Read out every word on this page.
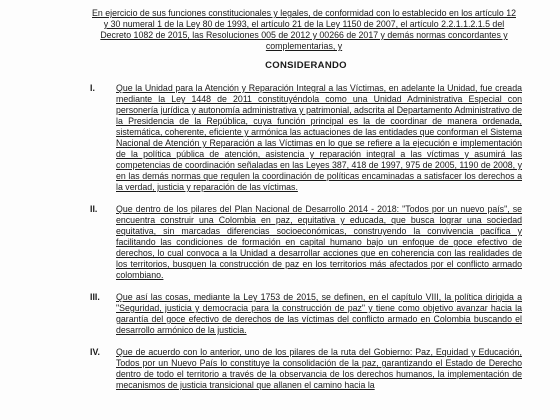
En ejercicio de sus funciones constitucionales y legales, de conformidad con lo establecido en los artículo 12 y 30 numeral 1 de la Ley 80 de 1993, el artículo 21 de la Ley 1150 de 2007, el artículo 2.2.1.1.2.1.5 del Decreto 1082 de 2015, las Resoluciones 005 de 2012 y 00266 de 2017 y demás normas concordantes y complementarias, y

CONSIDERANDO
I.	Que la Unidad para la Atención y Reparación Integral a las Víctimas, en adelante la Unidad, fue creada mediante la Ley 1448 de 2011 constituyéndola como una Unidad Administrativa Especial con personería jurídica y autonomía administrativa y patrimonial, adscrita al Departamento Administrativo de la Presidencia de la República, cuya función principal es la de coordinar de manera ordenada, sistemática, coherente, eficiente y armónica las actuaciones de las entidades que conforman el Sistema Nacional de Atención y Reparación a las Víctimas en lo que se refiere a la ejecución e implementación de la política pública de atención, asistencia y reparación integral a las víctimas y asumirá las competencias de coordinación señaladas en las Leyes 387, 418 de 1997, 975 de 2005, 1190 de 2008, y en las demás normas que regulen la coordinación de políticas encaminadas a satisfacer los derechos a la verdad, justicia y reparación de las víctimas.
II.	Que dentro de los pilares del Plan Nacional de Desarrollo 2014 - 2018: "Todos por un nuevo país", se encuentra construir una Colombia en paz, equitativa y educada, que busca lograr una sociedad equitativa, sin marcadas diferencias socioeconómicas, construyendo la convivencia pacífica y facilitando las condiciones de formación en capital humano bajo un enfoque de goce efectivo de derechos, lo cual convoca a la Unidad a desarrollar acciones que en coherencia con las realidades de los territorios, busquen la construcción de paz en los territorios más afectados por el conflicto armado colombiano.
III.	Que así las cosas, mediante la Ley 1753 de 2015, se definen, en el capítulo VIII, la política dirigida a "Seguridad, justicia y democracia para la construcción de paz" y tiene como objetivo avanzar hacia la garantía del goce efectivo de derechos de las víctimas del conflicto armado en Colombia buscando el desarrollo armónico de la justicia.
IV.	Que de acuerdo con lo anterior, uno de los pilares de la ruta del Gobierno: Paz, Equidad y Educación, Todos por un Nuevo País lo constituye la consolidación de la paz, garantizando el Estado de Derecho dentro de todo el territorio a través de la observancia de los derechos humanos, la implementación de mecanismos de justicia transicional que allanen el camino hacia la
